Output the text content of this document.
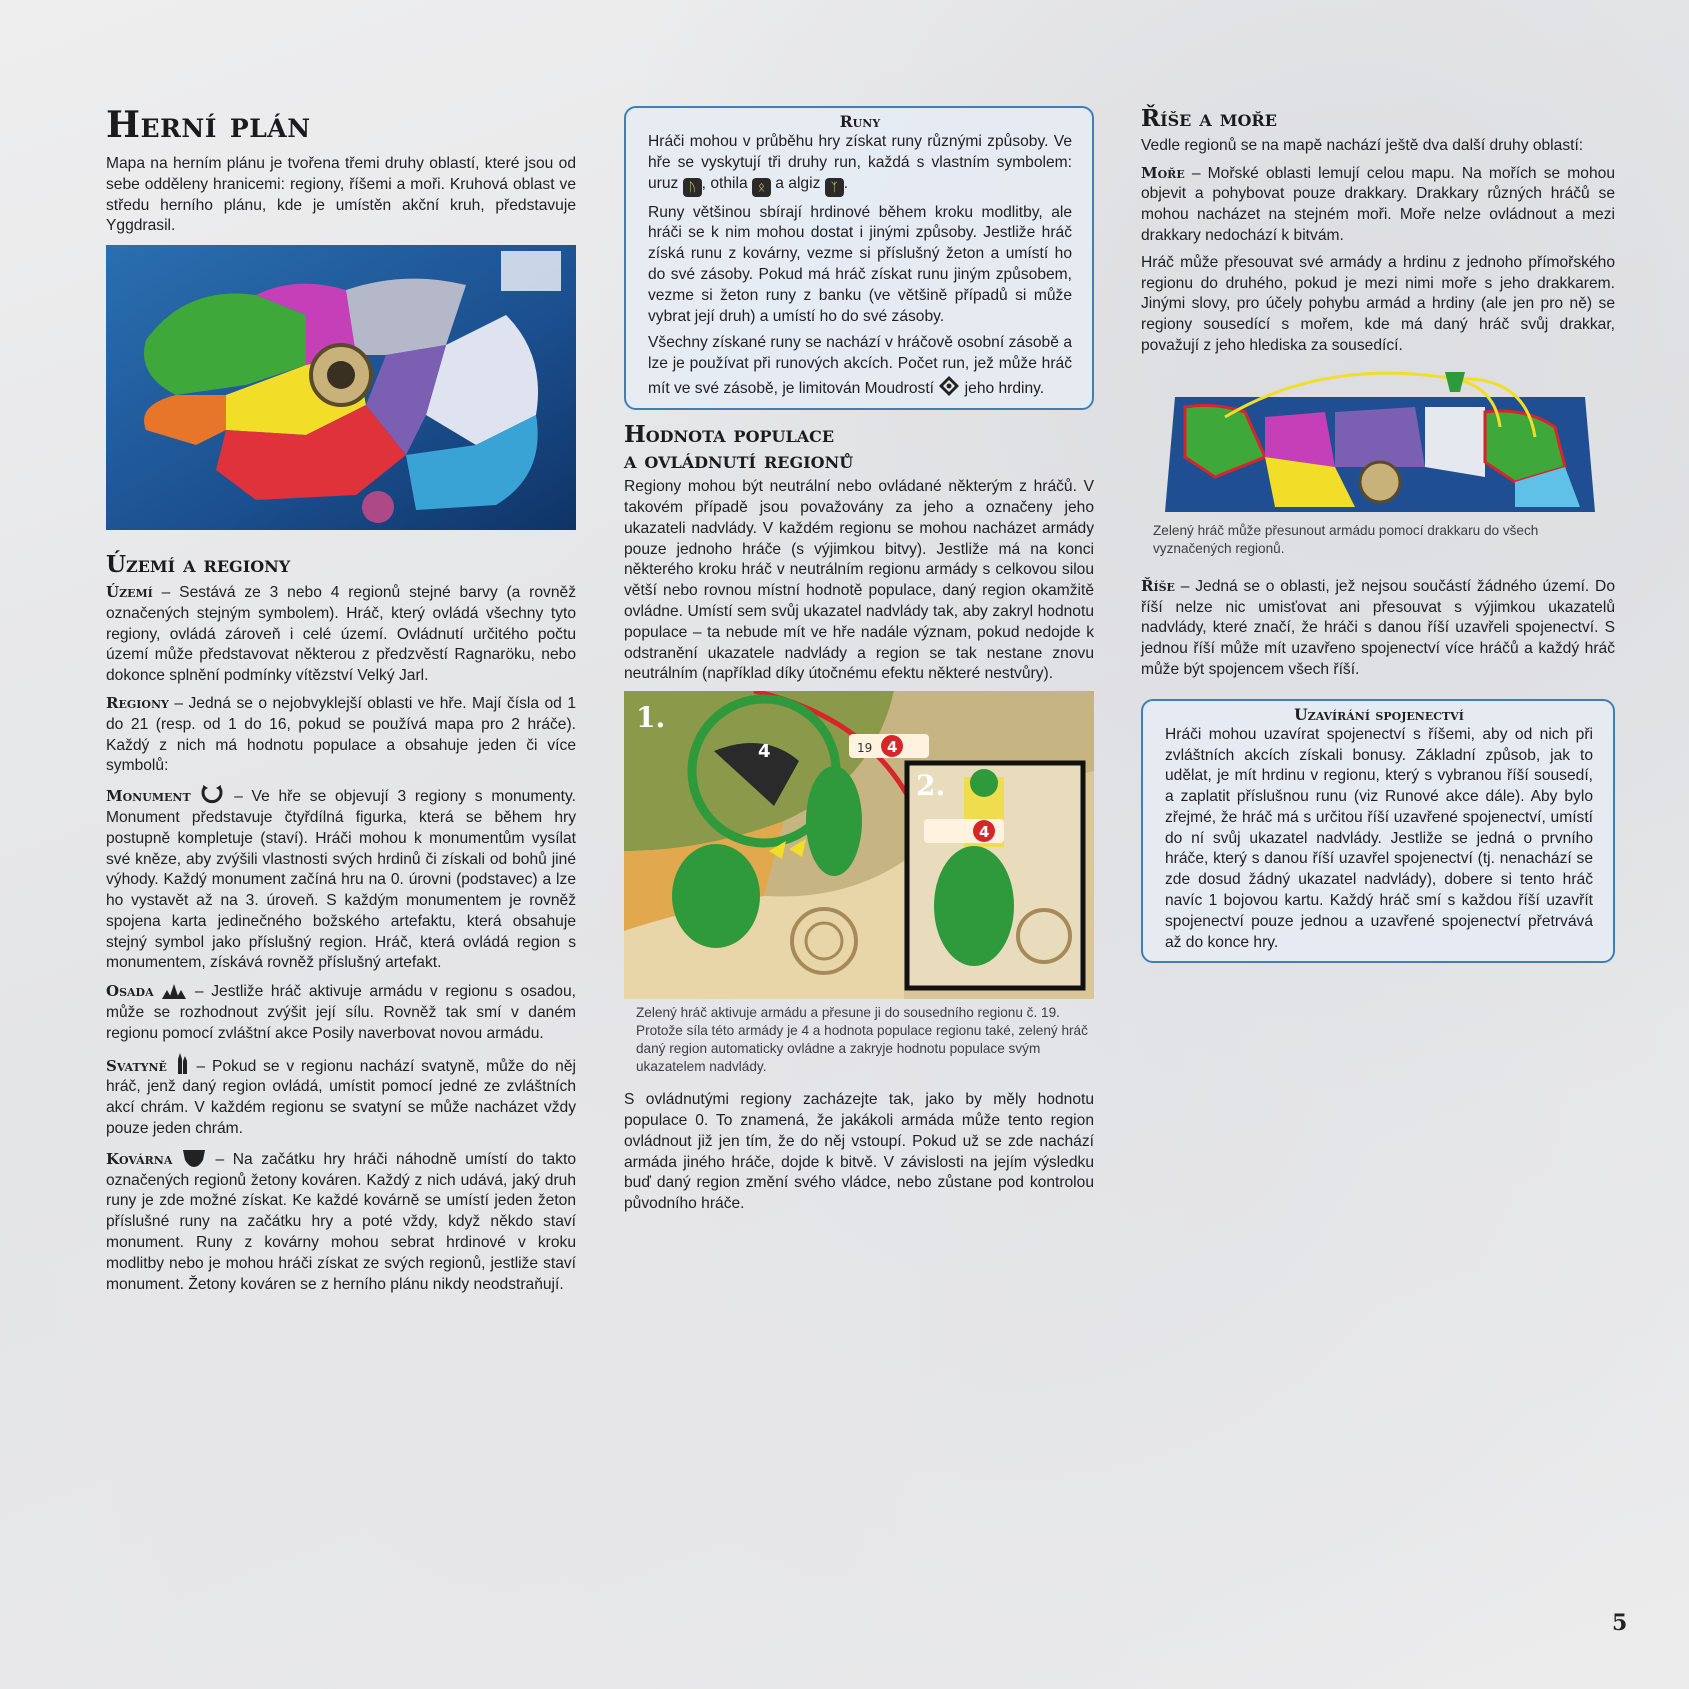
Herní plán

Mapa na herním plánu je tvořena třemi druhy oblastí, které jsou od sebe odděleny hranicemi: regiony, říšemi a moři. Kruhová oblast ve středu herního plánu, kde je umístěn akční kruh, představuje Yggdrasil.

Území a regiony

Území – Sestává ze 3 nebo 4 regionů stejné barvy (a rovněž označených stejným symbolem). Hráč, který ovládá všechny tyto regiony, ovládá zároveň i celé území. Ovládnutí určitého počtu území může představovat některou z předzvěstí Ragnaröku, nebo dokonce splnění podmínky vítězství Velký Jarl.

Regiony – Jedná se o nejobvyklejší oblasti ve hře. Mají čísla od 1 do 21 (resp. od 1 do 16, pokud se používá mapa pro 2 hráče). Každý z nich má hodnotu populace a obsahuje jeden či více symbolů:

Monument  – Ve hře se objevují 3 regiony s monumenty. Monument představuje čtyřdílná figurka, která se během hry postupně kompletuje (staví). Hráči mohou k monumentům vysílat své kněze, aby zvýšili vlastnosti svých hrdinů či získali od bohů jiné výhody. Každý monument začíná hru na 0. úrovni (podstavec) a lze ho vystavět až na 3. úroveň. S každým monumentem je rovněž spojena karta jedinečného božského artefaktu, která obsahuje stejný symbol jako příslušný region. Hráč, která ovládá region s monumentem, získává rovněž příslušný artefakt.

Osada  – Jestliže hráč aktivuje armádu v regionu s osadou, může se rozhodnout zvýšit její sílu. Rovněž tak smí v daném regionu pomocí zvláštní akce Posily naverbovat novou armádu.

Svatyně  – Pokud se v regionu nachází svatyně, může do něj hráč, jenž daný region ovládá, umístit pomocí jedné ze zvláštních akcí chrám. V každém regionu se svatyní se může nacházet vždy pouze jeden chrám.

Kovárna  – Na začátku hry hráči náhodně umístí do takto označených regionů žetony kováren. Každý z nich udává, jaký druh runy je zde možné získat. Ke každé kovárně se umístí jeden žeton příslušné runy na začátku hry a poté vždy, když někdo staví monument. Runy z kovárny mohou sebrat hrdinové v kroku modlitby nebo je mohou hráči získat ze svých regionů, jestliže staví monument. Žetony kováren se z herního plánu nikdy neodstraňují.

Runy

Hráči mohou v průběhu hry získat runy různými způsoby. Ve hře se vyskytují tři druhy run, každá s vlastním symbolem: uruz ᚢ , othila ᛟ a algiz ᛉ .

Runy většinou sbírají hrdinové během kroku modlitby, ale hráči se k nim mohou dostat i jinými způsoby. Jestliže hráč získá runu z kovárny, vezme si příslušný žeton a umístí ho do své zásoby. Pokud má hráč získat runu jiným způsobem, vezme si žeton runy z banku (ve většině případů si může vybrat její druh) a umístí ho do své zásoby.

Všechny získané runy se nachází v hráčově osobní zásobě a lze je používat při runových akcích. Počet run, jež může hráč mít ve své zásobě, je limitován Moudrostí  jeho hrdiny.

Hodnota populace
a ovládnutí regionů

Regiony mohou být neutrální nebo ovládané některým z hráčů. V takovém případě jsou považovány za jeho a označeny jeho ukazateli nadvlády. V každém regionu se mohou nacházet armády pouze jednoho hráče (s výjimkou bitvy). Jestliže má na konci některého kroku hráč v neutrálním regionu armády s celkovou silou větší nebo rovnou místní hodnotě populace, daný region okamžitě ovládne. Umístí sem svůj ukazatel nadvlády tak, aby zakryl hodnotu populace – ta nebude mít ve hře nadále význam, pokud nedojde k odstranění ukazatele nadvlády a region se tak nestane znovu neutrálním (například díky útočnému efektu některé nestvůry).

4	19 4
4
1.
2.

Zelený hráč aktivuje armádu a přesune ji do sousedního regionu č. 19. Protože síla této armády je 4 a hodnota populace regionu také, zelený hráč daný region automaticky ovládne a zakryje hodnotu populace svým ukazatelem nadvlády.

S ovládnutými regiony zacházejte tak, jako by měly hodnotu populace 0. To znamená, že jakákoli armáda může tento region ovládnout již jen tím, že do něj vstoupí. Pokud už se zde nachází armáda jiného hráče, dojde k bitvě. V závislosti na jejím výsledku buď daný region změní svého vládce, nebo zůstane pod kontrolou původního hráče.

Říše a moře

Vedle regionů se na mapě nachází ještě dva další druhy oblastí:

Moře – Mořské oblasti lemují celou mapu. Na mořích se mohou objevit a pohybovat pouze drakkary. Drakkary různých hráčů se mohou nacházet na stejném moři. Moře nelze ovládnout a mezi drakkary nedochází k bitvám.

Hráč může přesouvat své armády a hrdinu z jednoho přímořského regionu do druhého, pokud je mezi nimi moře s jeho drakkarem. Jinými slovy, pro účely pohybu armád a hrdiny (ale jen pro ně) se regiony sousedící s mořem, kde má daný hráč svůj drakkar, považují z jeho hlediska za sousedící.

Zelený hráč může přesunout armádu pomocí drakkaru do všech vyznačených regionů.

Říše – Jedná se o oblasti, jež nejsou součástí žádného území. Do říší nelze nic umisťovat ani přesouvat s výjimkou ukazatelů nadvlády, které značí, že hráči s danou říší uzavřeli spojenectví. S jednou říší může mít uzavřeno spojenectví více hráčů a každý hráč může být spojencem všech říší.

Uzavírání spojenectví

Hráči mohou uzavírat spojenectví s říšemi, aby od nich při zvláštních akcích získali bonusy. Základní způsob, jak to udělat, je mít hrdinu v regionu, který s vybranou říší sousedí, a zaplatit příslušnou runu (viz Runové akce dále). Aby bylo zřejmé, že hráč má s určitou říší uzavřené spojenectví, umístí do ní svůj ukazatel nadvlády. Jestliže se jedná o prvního hráče, který s danou říší uzavřel spojenectví (tj. nenachází se zde dosud žádný ukazatel nadvlády), dobere si tento hráč navíc 1 bojovou kartu. Každý hráč smí s každou říší uzavřít spojenectví pouze jednou a uzavřené spojenectví přetrvává až do konce hry.

5
